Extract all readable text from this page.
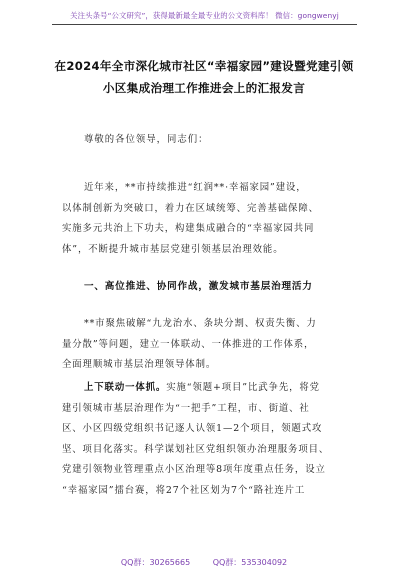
关注头条号“公文研究”，获得最新最全最专业的公文资料库！ 微信：gongwenyj
在2024年全市深化城市社区“幸福家园”建设暨党建引领
小区集成治理工作推进会上的汇报发言
尊敬的各位领导，同志们：
近年来，**市持续推进“红润**·幸福家园”建设，
以体制创新为突破口，着力在区域统筹、完善基础保障、
实施多元共治上下功夫，构建集成融合的“幸福家园共同
体”，不断提升城市基层党建引领基层治理效能。
一、高位推进、协同作战，激发城市基层治理活力
**市聚焦破解“九龙治水、条块分割、权责失衡、力
量分散”等问题，建立一体联动、一体推进的工作体系，
全面理顺城市基层治理领导体制。
上下联动一体抓。实施“领题+项目”比武争先，将党
建引领城市基层治理作为“一把手”工程，市、街道、社
区、小区四级党组织书记逐人认领1—2个项目，领题式攻
坚、项目化落实。科学谋划社区党组织领办治理服务项目、
党建引领物业管理重点小区治理等8项年度重点任务，设立
“幸福家园”擂台赛，将27个社区划为7个“路社连片工
QQ群：30265665	QQ群：535304092
